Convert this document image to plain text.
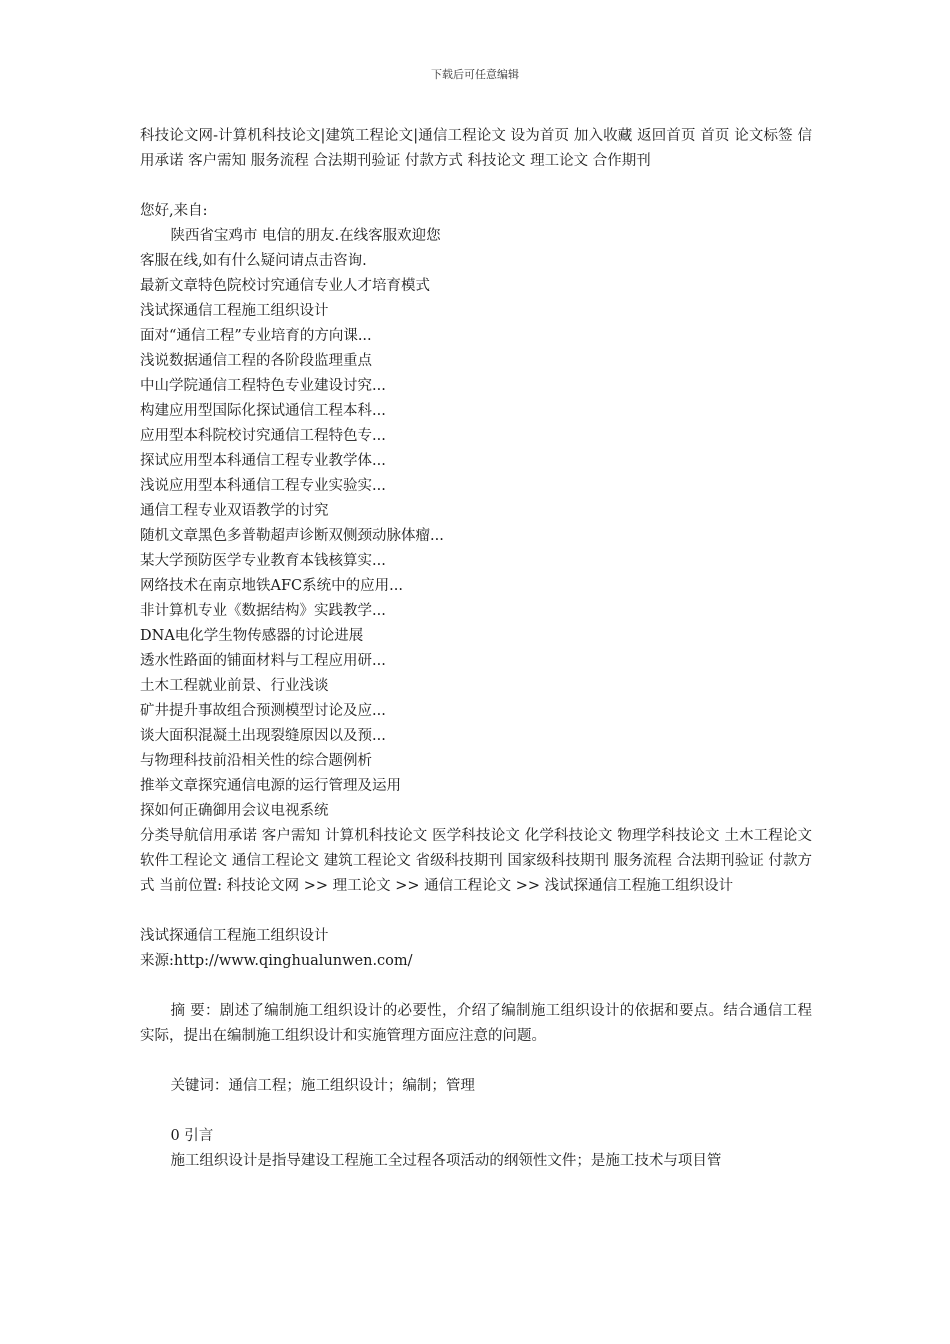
下载后可任意编辑

科技论文网-计算机科技论文|建筑工程论文|通信工程论文 设为首页 加入收藏 返回首页 首页 论文标签 信用承诺 客户需知 服务流程 合法期刊验证 付款方式 科技论文 理工论文 合作期刊

您好,来自:

陕西省宝鸡市 电信的朋友.在线客服欢迎您

客服在线,如有什么疑问请点击咨询.

最新文章特色院校讨究通信专业人才培育模式

浅试探通信工程施工组织设计

面对“通信工程”专业培育的方向课...

浅说数据通信工程的各阶段监理重点

中山学院通信工程特色专业建设讨究...

构建应用型国际化探试通信工程本科...

应用型本科院校讨究通信工程特色专...

探试应用型本科通信工程专业教学体...

浅说应用型本科通信工程专业实验实...

通信工程专业双语教学的讨究

随机文章黑色多普勒超声诊断双侧颈动脉体瘤...

某大学预防医学专业教育本钱核算实...

网络技术在南京地铁AFC系统中的应用...

非计算机专业《数据结构》实践教学...

DNA电化学生物传感器的讨论进展

透水性路面的铺面材料与工程应用研...

土木工程就业前景、行业浅谈

矿井提升事故组合预测模型讨论及应...

谈大面积混凝土出现裂缝原因以及预...

与物理科技前沿相关性的综合题例析

推举文章探究通信电源的运行管理及运用

探如何正确御用会议电视系统

分类导航信用承诺 客户需知 计算机科技论文 医学科技论文 化学科技论文 物理学科技论文 土木工程论文 软件工程论文 通信工程论文 建筑工程论文 省级科技期刊 国家级科技期刊 服务流程 合法期刊验证 付款方式 当前位置: 科技论文网 >> 理工论文 >> 通信工程论文 >> 浅试探通信工程施工组织设计

浅试探通信工程施工组织设计

来源:http://www.qinghualunwen.com/

摘 要：剧述了编制施工组织设计的必要性，介绍了编制施工组织设计的依据和要点。结合通信工程实际，提出在编制施工组织设计和实施管理方面应注意的问题。

关键词：通信工程；施工组织设计；编制；管理

0 引言

施工组织设计是指导建设工程施工全过程各项活动的纲领性文件；是施工技术与项目管
